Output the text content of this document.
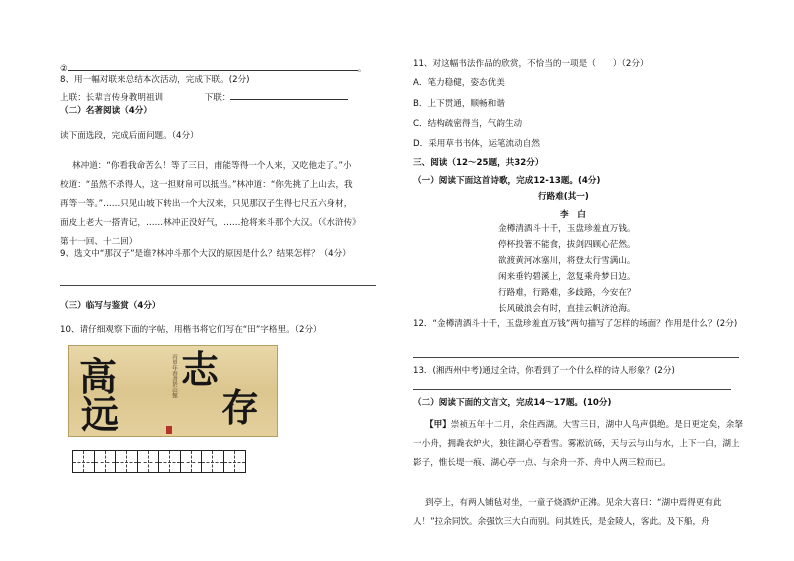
②	。
8、用一幅对联来总结本次活动，完成下联。(2分)
上联：长辈言传身教明祖训	下联：
（二）名著阅读（4分）
读下面选段，完成后面问题。（4分）
林冲道：“你看我命苦么！等了三日，甫能等得一个人来，又吃他走了。”小校道：“虽然不杀得人，这一担财帛可以抵当。”林冲道：“你先挑了上山去，我再等一等。”……只见山坡下转出一个大汉来，只见那汉子生得七尺五六身材，面皮上老大一搭青记，……林冲正没好气，……抢将来斗那个大汉。（《水浒传》第十一回、十二回）
9、选文中“那汉子”是谁?林冲斗那个大汉的原因是什么？结果怎样？（4分）
（三）临写与鉴赏（4分）
10、请仔细观察下面的字帖，用楷书将它们写在“田”字格里。（2分）
志
存
高
远
丙申年春書於山館
11、对这幅书法作品的欣赏，不恰当的一项是（　　）（2分）
A．笔力稳健，姿态优美
B．上下贯通，顺畅和谐
C．结构疏密得当，气韵生动
D．采用草书书体，运笔流动自然
三、阅读（12～25题，共32分）
（一）阅读下面这首诗歌，完成12-13题。(4分)
行路难(其一)
李　白
金樽清酒斗十千，玉盘珍羞直万钱。
停杯投箸不能食，拔剑四顾心茫然。
欲渡黄河冰塞川，将登太行雪满山。
闲来垂钓碧溪上，忽复乘舟梦日边。
行路难，行路难，多歧路，今安在？
长风破浪会有时，直挂云帆济沧海。
12．“金樽清酒斗十千，玉盘珍羞直万钱”两句描写了怎样的场面？作用是什么？(2分)
13．(湘西州中考)通过全诗，你看到了一个什么样的诗人形象？(2分)
（二）阅读下面的文言文，完成14～17题。(10分)
【甲】崇祯五年十二月，余住西湖。大雪三日，湖中人鸟声俱绝。是日更定矣，余拏一小舟，拥毳衣炉火，独往湖心亭看雪。雾凇沆砀，天与云与山与水，上下一白，湖上影子，惟长堤一痕、湖心亭一点、与余舟一芥、舟中人两三粒而已。
到亭上，有两人铺毡对坐，一童子烧酒炉正沸。见余大喜曰：“湖中焉得更有此人！”拉余同饮。余强饮三大白而别。问其姓氏，是金陵人，客此。及下船，舟
